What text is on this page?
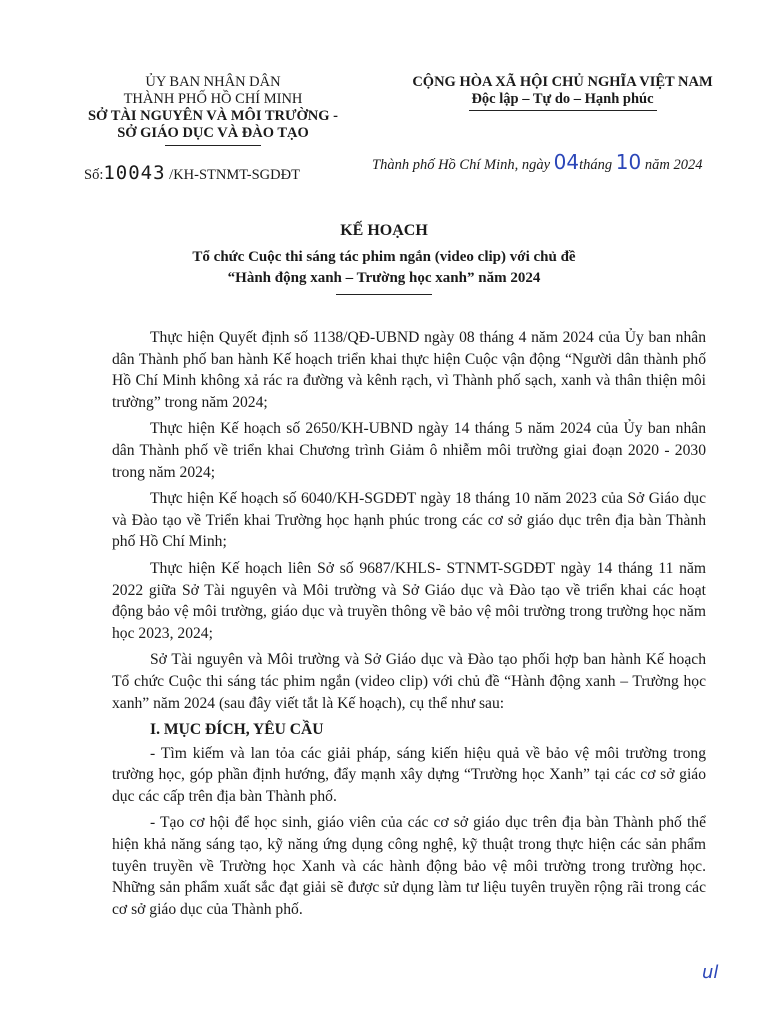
ỦY BAN NHÂN DÂN
THÀNH PHỐ HỒ CHÍ MINH
SỞ TÀI NGUYÊN VÀ MÔI TRƯỜNG -
SỞ GIÁO DỤC VÀ ĐÀO TẠO
CỘNG HÒA XÃ HỘI CHỦ NGHĨA VIỆT NAM
Độc lập – Tự do – Hạnh phúc
Số:10043 /KH-STNMT-SGDĐT
Thành phố Hồ Chí Minh, ngày 04tháng 10 năm 2024
KẾ HOẠCH
Tổ chức Cuộc thi sáng tác phim ngắn (video clip) với chủ đề
“Hành động xanh – Trường học xanh” năm 2024

Thực hiện Quyết định số 1138/QĐ-UBND ngày 08 tháng 4 năm 2024 của Ủy ban nhân dân Thành phố ban hành Kế hoạch triển khai thực hiện Cuộc vận động “Người dân thành phố Hồ Chí Minh không xả rác ra đường và kênh rạch, vì Thành phố sạch, xanh và thân thiện môi trường” trong năm 2024;

Thực hiện Kế hoạch số 2650/KH-UBND ngày 14 tháng 5 năm 2024 của Ủy ban nhân dân Thành phố về triển khai Chương trình Giảm ô nhiễm môi trường giai đoạn 2020 - 2030 trong năm 2024;

Thực hiện Kế hoạch số 6040/KH-SGDĐT ngày 18 tháng 10 năm 2023 của Sở Giáo dục và Đào tạo về Triển khai Trường học hạnh phúc trong các cơ sở giáo dục trên địa bàn Thành phố Hồ Chí Minh;

Thực hiện Kế hoạch liên Sở số 9687/KHLS- STNMT-SGDĐT ngày 14 tháng 11 năm 2022 giữa Sở Tài nguyên và Môi trường và Sở Giáo dục và Đào tạo về triển khai các hoạt động bảo vệ môi trường, giáo dục và truyền thông về bảo vệ môi trường trong trường học năm học 2023, 2024;

Sở Tài nguyên và Môi trường và Sở Giáo dục và Đào tạo phối hợp ban hành Kế hoạch Tổ chức Cuộc thi sáng tác phim ngắn (video clip) với chủ đề “Hành động xanh – Trường học xanh” năm 2024 (sau đây viết tắt là Kế hoạch), cụ thể như sau:

I. MỤC ĐÍCH, YÊU CẦU

- Tìm kiếm và lan tỏa các giải pháp, sáng kiến hiệu quả về bảo vệ môi trường trong trường học, góp phần định hướng, đẩy mạnh xây dựng “Trường học Xanh” tại các cơ sở giáo dục các cấp trên địa bàn Thành phố.

- Tạo cơ hội để học sinh, giáo viên của các cơ sở giáo dục trên địa bàn Thành phố thể hiện khả năng sáng tạo, kỹ năng ứng dụng công nghệ, kỹ thuật trong thực hiện các sản phẩm tuyên truyền về Trường học Xanh và các hành động bảo vệ môi trường trong trường học. Những sản phẩm xuất sắc đạt giải sẽ được sử dụng làm tư liệu tuyên truyền rộng rãi trong các cơ sở giáo dục của Thành phố.

ul
